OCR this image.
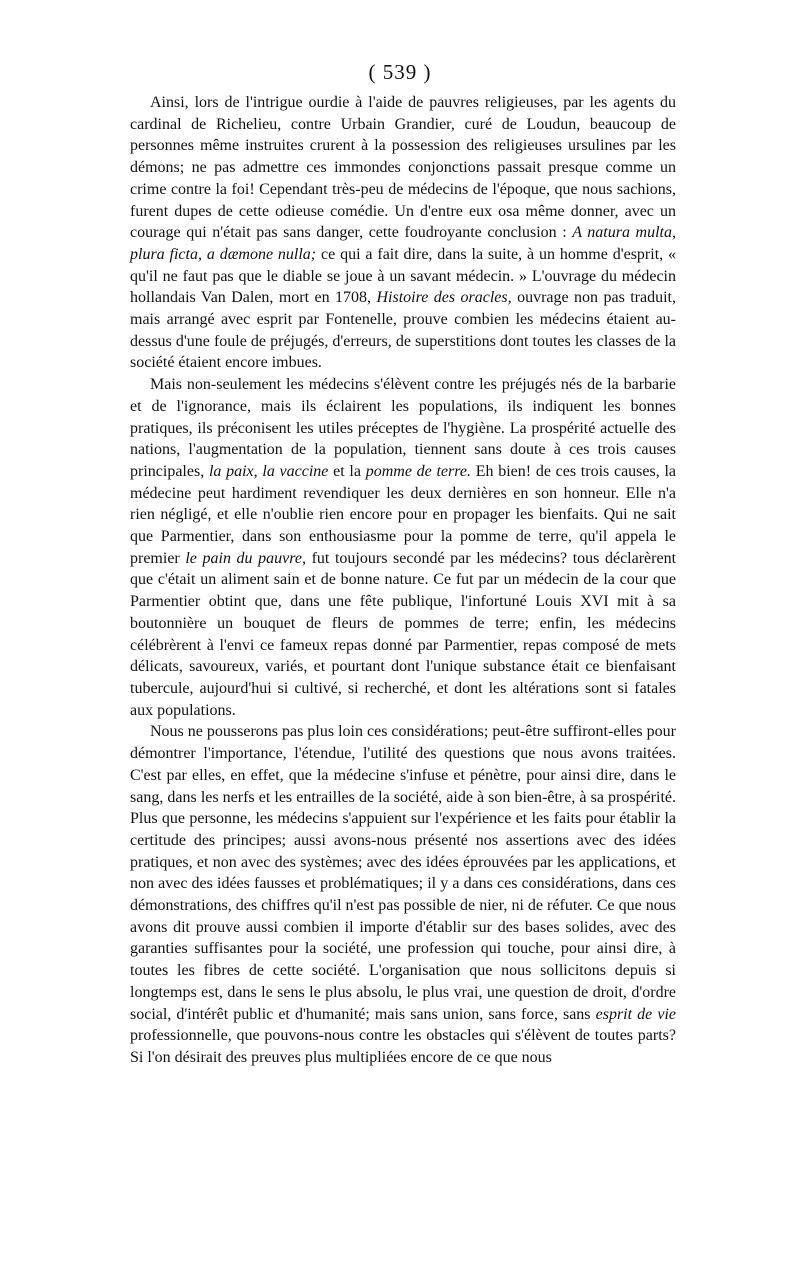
( 539 )

Ainsi, lors de l'intrigue ourdie à l'aide de pauvres religieuses, par les agents du cardinal de Richelieu, contre Urbain Grandier, curé de Loudun, beaucoup de personnes même instruites crurent à la possession des religieuses ursulines par les démons; ne pas admettre ces immondes conjonctions passait presque comme un crime contre la foi! Cependant très-peu de médecins de l'époque, que nous sachions, furent dupes de cette odieuse comédie. Un d'entre eux osa même donner, avec un courage qui n'était pas sans danger, cette foudroyante conclusion : A natura multa, plura ficta, a dæmone nulla; ce qui a fait dire, dans la suite, à un homme d'esprit, « qu'il ne faut pas que le diable se joue à un savant médecin. » L'ouvrage du médecin hollandais Van Dalen, mort en 1708, Histoire des oracles, ouvrage non pas traduit, mais arrangé avec esprit par Fontenelle, prouve combien les médecins étaient au-dessus d'une foule de préjugés, d'erreurs, de superstitions dont toutes les classes de la société étaient encore imbues.

Mais non-seulement les médecins s'élèvent contre les préjugés nés de la barbarie et de l'ignorance, mais ils éclairent les populations, ils indiquent les bonnes pratiques, ils préconisent les utiles préceptes de l'hygiène. La prospérité actuelle des nations, l'augmentation de la population, tiennent sans doute à ces trois causes principales, la paix, la vaccine et la pomme de terre. Eh bien! de ces trois causes, la médecine peut hardiment revendiquer les deux dernières en son honneur. Elle n'a rien négligé, et elle n'oublie rien encore pour en propager les bienfaits. Qui ne sait que Parmentier, dans son enthousiasme pour la pomme de terre, qu'il appela le premier le pain du pauvre, fut toujours secondé par les médecins? tous déclarèrent que c'était un aliment sain et de bonne nature. Ce fut par un médecin de la cour que Parmentier obtint que, dans une fête publique, l'infortuné Louis XVI mit à sa boutonnière un bouquet de fleurs de pommes de terre; enfin, les médecins célébrèrent à l'envi ce fameux repas donné par Parmentier, repas composé de mets délicats, savoureux, variés, et pourtant dont l'unique substance était ce bienfaisant tubercule, aujourd'hui si cultivé, si recherché, et dont les altérations sont si fatales aux populations.

Nous ne pousserons pas plus loin ces considérations; peut-être suffiront-elles pour démontrer l'importance, l'étendue, l'utilité des questions que nous avons traitées. C'est par elles, en effet, que la médecine s'infuse et pénètre, pour ainsi dire, dans le sang, dans les nerfs et les entrailles de la société, aide à son bien-être, à sa prospérité. Plus que personne, les médecins s'appuient sur l'expérience et les faits pour établir la certitude des principes; aussi avons-nous présenté nos assertions avec des idées pratiques, et non avec des systèmes; avec des idées éprouvées par les applications, et non avec des idées fausses et problématiques; il y a dans ces considérations, dans ces démonstrations, des chiffres qu'il n'est pas possible de nier, ni de réfuter. Ce que nous avons dit prouve aussi combien il importe d'établir sur des bases solides, avec des garanties suffisantes pour la société, une profession qui touche, pour ainsi dire, à toutes les fibres de cette société. L'organisation que nous sollicitons depuis si longtemps est, dans le sens le plus absolu, le plus vrai, une question de droit, d'ordre social, d'intérêt public et d'humanité; mais sans union, sans force, sans esprit de vie professionnelle, que pouvons-nous contre les obstacles qui s'élèvent de toutes parts? Si l'on désirait des preuves plus multipliées encore de ce que nous
